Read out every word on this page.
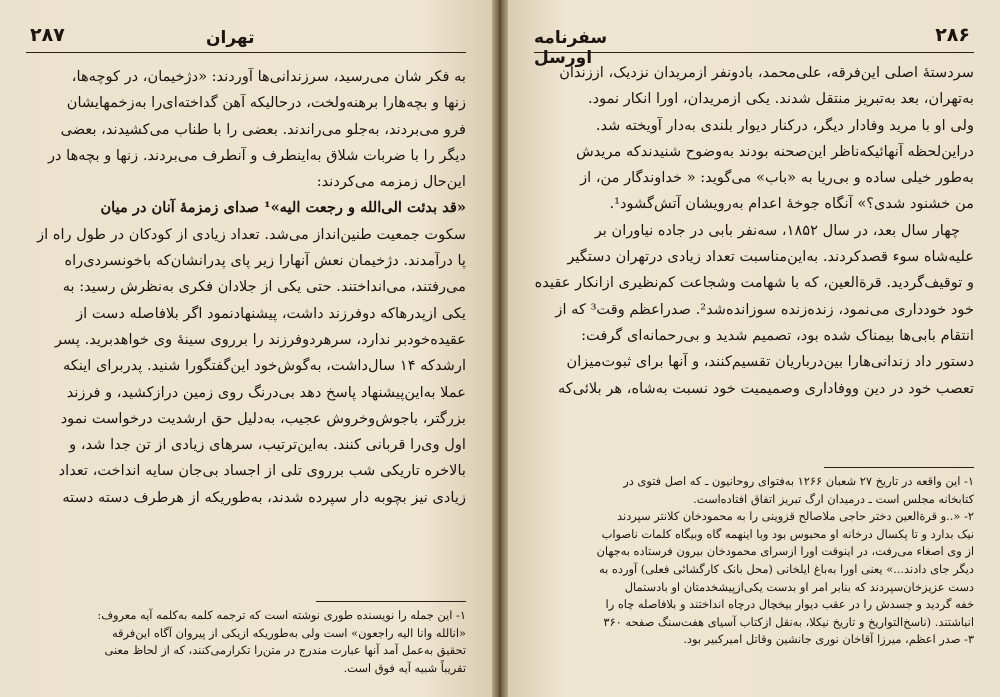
۲۸۷	تهران
به فکر شان می‌رسید، سرزندانی‌ها آوردند: «دژخیمان، در کوچه‌ها،
زنها و بچه‌هارا برهنه‌ولخت، درحالیکه آهن گداخته‌ای‌را به‌زخمهایشان
فرو می‌بردند، به‌جلو می‌راندند. بعضی را با طناب می‌کشیدند، بعضی
دیگر را با ضربات شلاق به‌اینطرف و آنطرف می‌بردند. زنها و بچه‌ها در
این‌حال زمزمه می‌کردند:
«قد بدئت الی‌الله و رجعت الیه»¹ صدای زمزمهٔ آنان در میان
سکوت جمعیت طنین‌انداز می‌شد. تعداد زیادی از کودکان در طول راه از
پا در‌آمدند. دژخیمان نعش آنهارا زیر پای پدرانشان‌که باخونسردی‌راه
می‌رفتند، می‌انداختند. حتی یکی از جلادان فکری به‌نظرش رسید: به
یکی از‌پدرها‌که دوفرزند داشت، پیشنهادنمود اگر بلافاصله دست از
عقیده‌خودبر ندارد، سرهردوفرزند را برروی سینه‌ٔ وی خواهدبرید. پسر
ارشدکه ۱۴ سال‌داشت، به‌گوش‌خود این‌گفتگورا شنید. پدربرای اینکه
عملا به‌این‌پیشنهاد پاسخ دهد بی‌درنگ روی زمین درازکشید، و فرزند
بزرگتر، باجوش‌وخروش عجیب، به‌دلیل حق ارشدیت درخواست نمود
اول وی‌را قربانی کنند. به‌این‌ترتیب، سرهای زیادی از تن جدا شد، و
بالاخره تاریکی شب برروی تلی از اجساد بی‌جان سایه انداخت، تعداد
زیادی نیز بچوبه دار سپرده شدند، به‌طوریکه از هرطرف دسته دسته
۱- این جمله را نویسنده طوری نوشته است که ترجمه کلمه به‌کلمه آیه معروف:
«انالله وانا الیه راجعون» است ولی به‌طوریکه ازیکی از پیروان آگاه این‌فرقه
تحقیق به‌عمل آمد آنها عبارت مندرج در متن‌را تکرارمی‌کنند، که از لحاظ معنی
تقریباً شبیه آیه فوق است.
۲۸۶
سفرنامه اورسل
سردستهٔ اصلی این‌فرقه، علی‌محمد، با‌دو‌نفر ازمریدان نزدیک، اززندان
به‌تهران، بعد به‌تبریز منتقل شدند. یکی ازمریدان، اورا انکار نمود.
ولی او با مرید وفادار دیگر، درکنار دیوار بلندی به‌دار آویخته شد.
دراین‌لحظه آنهائیکه‌ناظر این‌صحنه بودند به‌وضوح شنیدندکه مریدش
به‌طور خیلی ساده و بی‌ریا به «باب» می‌گوید: « خداوندگار من، از
من خشنود شدی؟» آنگاه جوخهٔ اعدام به‌رویشان آتش‌گشود¹.
چهار سال بعد، در سال ۱۸۵۲، سه‌نفر بابی در جاده نیاوران بر
علیه‌شاه سوء قصدکردند. به‌این‌مناسبت تعداد زیادی درتهران دستگیر
و توقیف‌گردید. قرةالعین، که با شهامت وشجاعت کم‌نظیری ازانکار عقیده
خود خودداری می‌نمود، زنده‌زنده سوزانده‌شد². صدراعظم وقت³ که از
انتقام بابی‌ها بیمناک شده بود، تصمیم شدید و بی‌رحمانه‌ای گرفت:
دستور داد زندانی‌هارا بین‌درباریان تقسیم‌کنند، و آنها برای ثبوت‌میزان
تعصب خود در دین ووفاداری وصمیمیت خود نسبت به‌شاه، هر بلائی‌که
۱- این واقعه در تاریخ ۲۷ شعبان ۱۲۶۶ به‌فتوای روحانیون ـ که اصل فتوی در
کتابخانه مجلس است ـ درمیدان ارگ تبریز اتفاق افتاده‌است.
۲- «..و قرةالعین دختر حاجی ملاصالح قزوینی را به محمودخان کلانتر سپردند
نیک بدارد و تا پکسال درخانه او محبوس بود وبا اینهمه گاه وبیگاه کلمات ناصواب
از وی اصغاء می‌رفت، در اینوقت اورا ازسرای محمودخان بیرون فرستاده به‌جهان
دیگر جای دادند...» یعنی اورا به‌باغ ایلخانی (محل بانک کارگشائی فعلی) آورده به
دست عزیزخان‌سپردند که بنابر امر او بدست یکی‌ازپیشخدمتان او بادستمال
خفه گردید و جسدش را در عقب دیوار بیخچال درچاه انداختند و بلافاصله چاه را
انباشتند. (ناسخ‌التواریخ و تاریخ نیکلا، به‌نقل ازکتاب آسیای هفت‌سنگ صفحه ۳۶۰
۳- صدر اعظم، میرزا آقاخان نوری جانشین وقاتل امیرکبیر بود.
